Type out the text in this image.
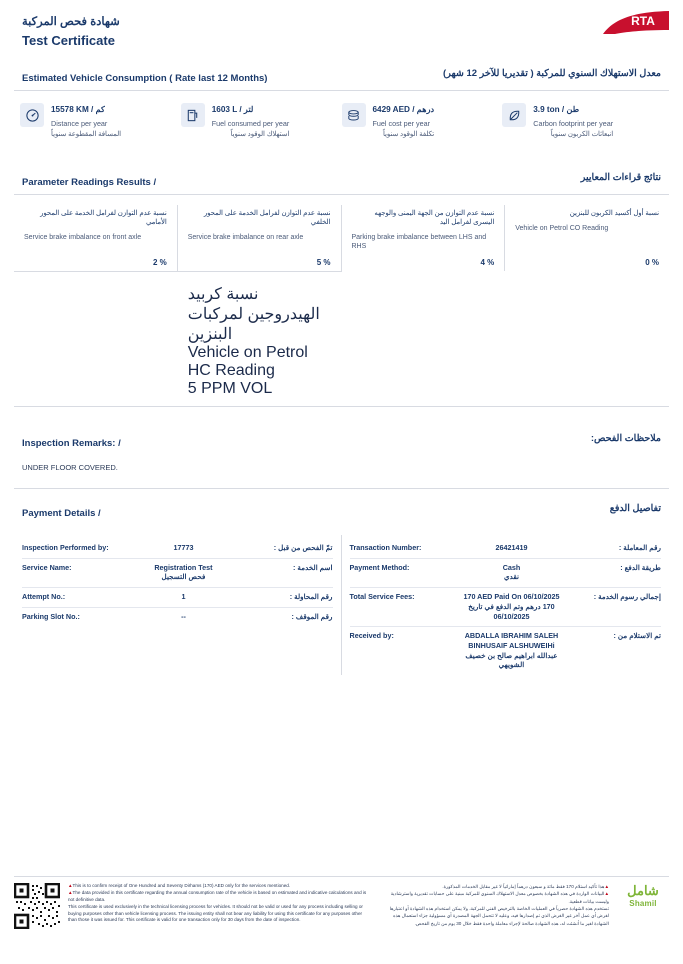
شهادة فحص المركبة
Test Certificate
RTA
Estimated Vehicle Consumption ( Rate last 12 Months)	معدل الاستهلاك السنوي للمركبة ( تقديريا للآخر 12 شهر)
15578 KM / كم
Distance per year
المسافة المقطوعة سنوياً
1603 L / لتر
Fuel consumed per year
استهلاك الوقود سنوياً
6429 AED / درهم
Fuel cost per year
تكلفة الوقود سنوياً
3.9 ton / طن
Carbon footprint per year
انبعاثات الكربون سنوياً
Parameter Readings Results /	نتائج قراءات المعايير
نسبة عدم التوازن لفرامل الخدمة على المحور الأمامي
Service brake imbalance on front axle
2 %
نسبة عدم التوازن لفرامل الخدمة على المحور الخلفي
Service brake imbalance on rear axle
5 %
نسبة عدم التوازن من الجهة اليمنى والوجهه اليسرى لفرامل اليد
Parking brake imbalance between LHS and RHS
4 %
نسبة أول أكسيد الكربون للبنزين
Vehicle on Petrol CO Reading
0 %
نسبة كربيد الهيدروجين لمركبات البنزين
Vehicle on Petrol HC Reading
5 PPM VOL
Inspection Remarks: /	ملاحظات الفحص:
UNDER FLOOR COVERED.
Payment Details /	تفاصيل الدفع
Inspection Performed by:	17773	تمّ الفحص من قبل :
Service Name:	Registration Test
فحص التسجيل
اسم الخدمة :
Attempt No.:	1	رقم المحاولة :
Parking Slot No.:	--	رقم الموقف :
Transaction Number:	26421419	رقم المعاملة :
Payment Method:	Cash
نقدي
طريقة الدفع :
Total Service Fees:	170 AED Paid On 06/10/2025
170 درهم وتم الدفع في تاريخ 06/10/2025
إجمالي رسوم الخدمة :
Received by:	ABDALLA IBRAHIM SALEH BINHUSAIF ALSHUWEIHi
عبدالله ابراهيم صالح بن خصيف الشويهي
تم الاستلام من :
▲This is to confirm receipt of One Hundred and Seventy Dirhams (170) AED only for the services mentioned.
▲The data provided in this certificate regarding the annual consumption rate of the vehicle is based on estimated and indicative calculations and is not definitive data.
This certificate is used exclusively in the technical licensing process for vehicles. It should not be valid or used for any process including selling or buying purposes other than vehicle licensing process. The issuing entity shall not bear any liability for using this certificate for any purposes other than those it was issued for. This certificate is valid for one transaction only for 30 days from the date of inspection.
▲هذا تأكيد استلام 170 فقط مائة و سبعون درهماً إماراتياً لا غير مقابل الخدمات المذكورة.
▲البيانات الواردة في هذه الشهادة بخصوص معدل الاستهلاك السنوي للمركبة مبنية على حسابات تقديرية واسترشادية وليست بيانات قطعية.
تستخدم هذه الشهادة حصرياً في العمليات الخاصة بالترخيص الفني للمركبة، ولا يمكن استخدام هذه الشهادة أو اعتبارها لغرض أي عمل آخر غير الغرض الذي تم إصدارها فيه، وعليه لا تتحمل الجهة المصدرة أي مسؤولية جزاء استعمال هذه الشهادة لغير ما أنشئت له، هذه الشهادة صالحة لإجراء معاملة واحدة فقط خلال 30 يوم من تاريخ الفحص.
شامل
Shamil
